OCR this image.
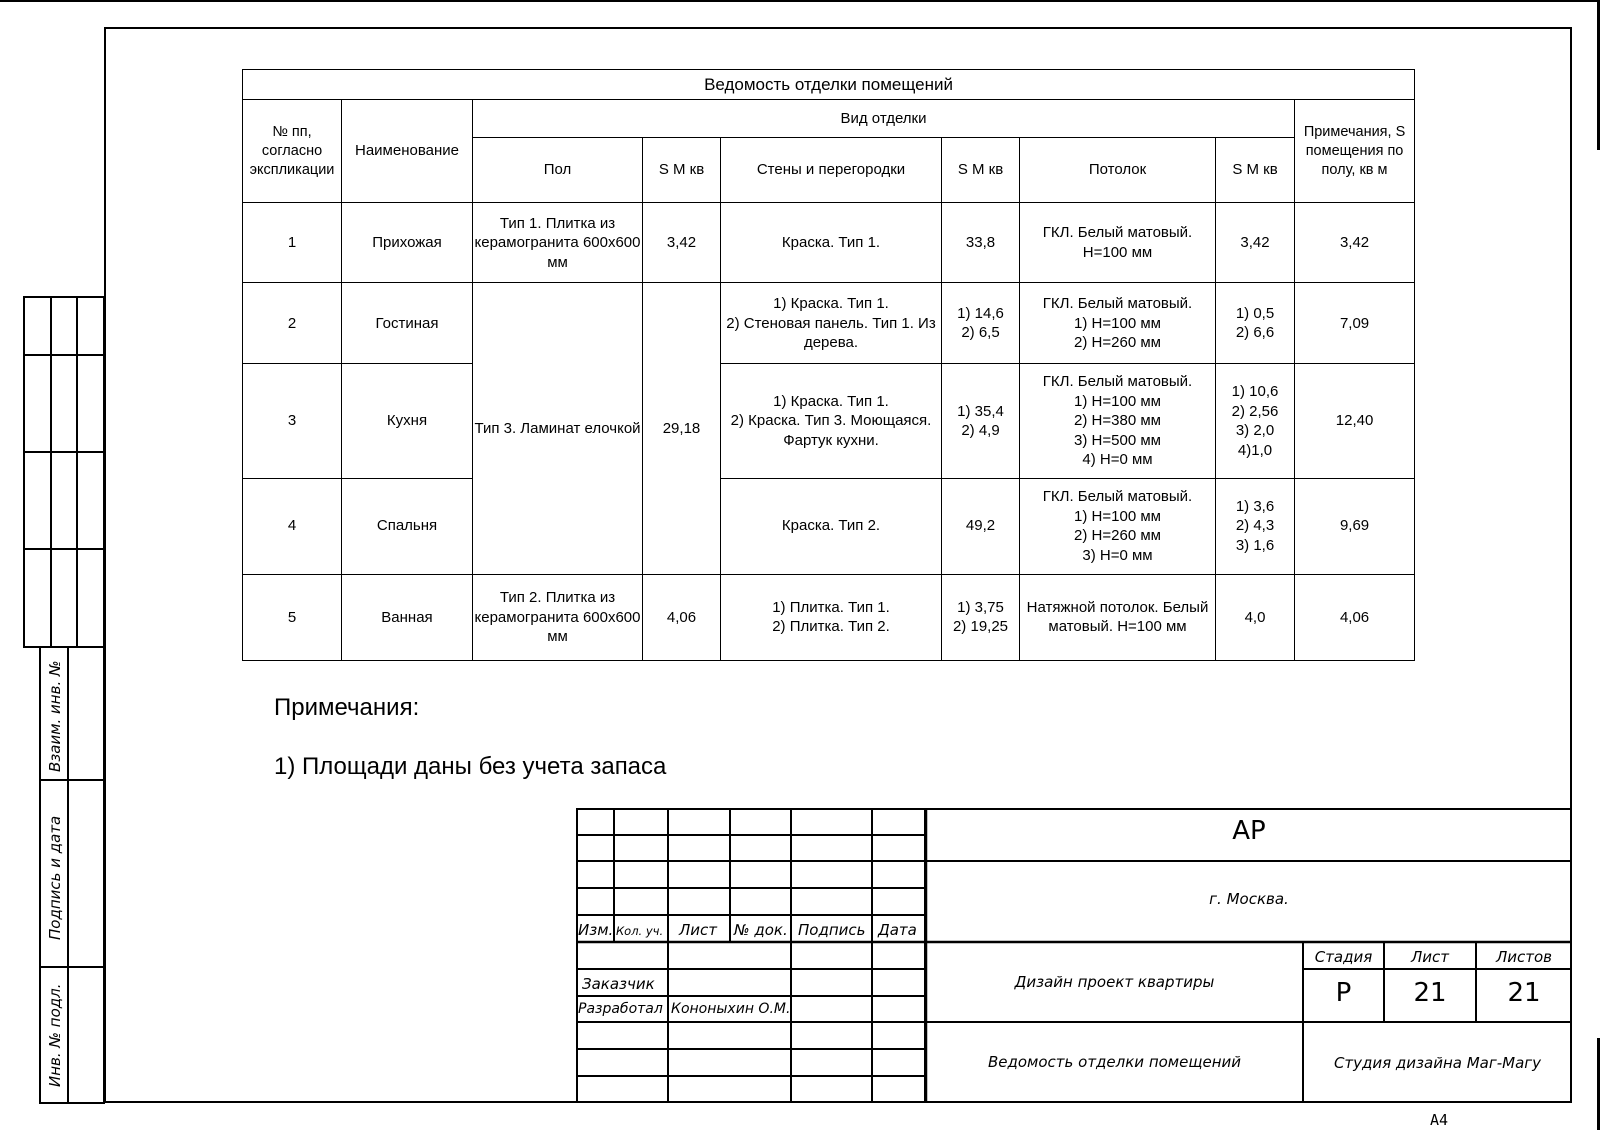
Взаим. инв. №
Подпись и дата
Инв. № подл.
Ведомость отделки помещений								
№ пп, согласно экспликации	Наименование	Вид отделки						Примечания, S помещения по полу, кв м
		Пол	S М кв	Стены и перегородки	S М кв	Потолок	S М кв	
1	Прихожая	Тип 1. Плитка из керамогранита 600х600 мм	3,42	Краска. Тип 1.	33,8	ГКЛ. Белый матовый. Н=100 мм	3,42	3,42
2	Гостиная	Тип 3. Ламинат елочкой	29,18	1) Краска. Тип 1.
2) Стеновая панель. Тип 1. Из дерева.	1) 14,6
2) 6,5	ГКЛ. Белый матовый.
1) Н=100 мм
2) Н=260 мм	1) 0,5
2) 6,6	7,09
3	Кухня			1) Краска. Тип 1.
2) Краска. Тип 3. Моющаяся. Фартук кухни.	1) 35,4
2) 4,9	ГКЛ. Белый матовый.
1) Н=100 мм
2) Н=380 мм
3) Н=500 мм
4) Н=0 мм	1) 10,6
2) 2,56
3) 2,0
4)1,0	12,40
4	Спальня			Краска. Тип 2.	49,2	ГКЛ. Белый матовый.
1) Н=100 мм
2) Н=260 мм
3) Н=0 мм	1) 3,6
2) 4,3
3) 1,6	9,69
5	Ванная	Тип 2. Плитка из керамогранита 600х600 мм	4,06	1) Плитка. Тип 1.
2) Плитка. Тип 2.	1) 3,75
2) 19,25	Натяжной потолок. Белый матовый. Н=100 мм	4,0	4,06
Примечания:
1) Площади даны без учета запаса
Изм. Кол. уч. Лист № док. Подпись Дата
Заказчик
Разработал Кононыхин О.М.
АР
г. Москва.
Дизайн проект квартиры
Ведомость отделки помещений	Студия дизайна Маг-Магу
Стадия	Лист	Листов
Р	21	21
А4
